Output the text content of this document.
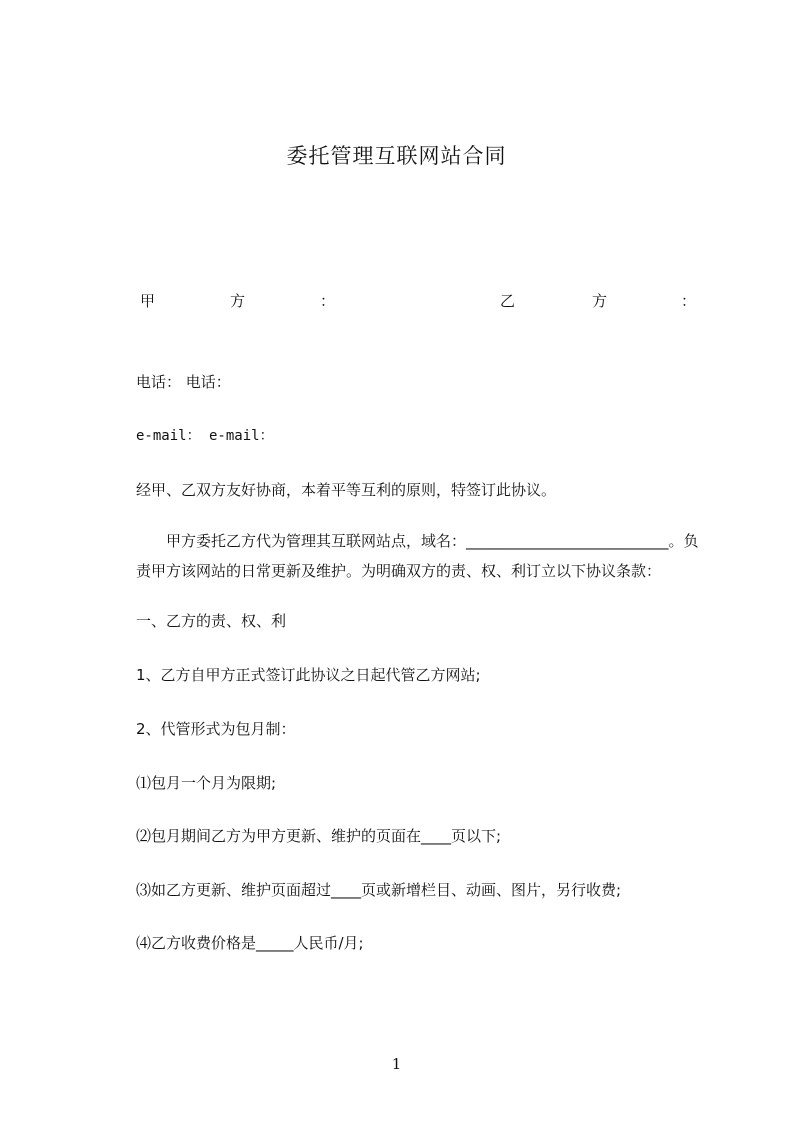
委托管理互联网站合同
甲	方	：	乙	方	：
电话： 电话：
e-mail： e-mail：
经甲、乙双方友好协商，本着平等互利的原则，特签订此协议。
甲方委托乙方代为管理其互联网站点，域名：___________________________。负责甲方该网站的日常更新及维护。为明确双方的责、权、利订立以下协议条款：
一、乙方的责、权、利
1、乙方自甲方正式签订此协议之日起代管乙方网站;
2、代管形式为包月制：
⑴包月一个月为限期;
⑵包月期间乙方为甲方更新、维护的页面在____页以下;
⑶如乙方更新、维护页面超过____页或新增栏目、动画、图片，另行收费;
⑷乙方收费价格是_____人民币/月;
1
